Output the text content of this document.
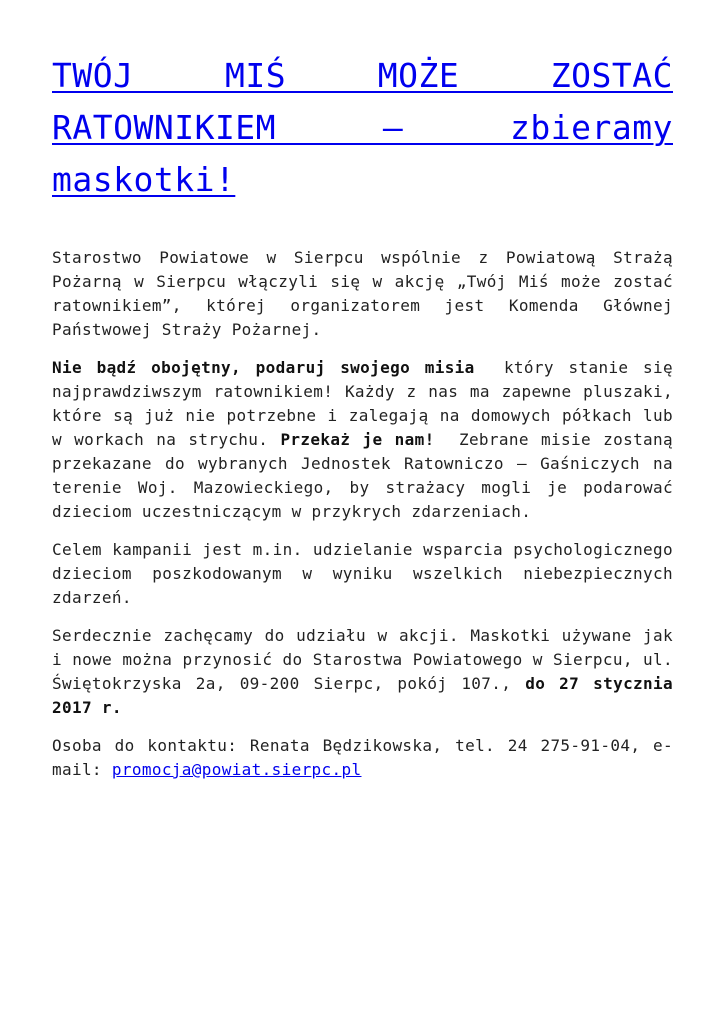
TWÓJ MIŚ MOŻE ZOSTAĆ RATOWNIKIEM – zbieramy maskotki!

Starostwo Powiatowe w Sierpcu wspólnie z Powiatową Strażą Pożarną w Sierpcu włączyli się w akcję „Twój Miś może zostać ratownikiem”, której organizatorem jest Komenda Głównej Państwowej Straży Pożarnej.

Nie bądź obojętny, podaruj swojego misia  który stanie się najprawdziwszym ratownikiem! Każdy z nas ma zapewne pluszaki, które są już nie potrzebne i zalegają na domowych półkach lub w workach na strychu. Przekaż je nam!  Zebrane misie zostaną przekazane do wybranych Jednostek Ratowniczo – Gaśniczych na terenie Woj. Mazowieckiego, by strażacy mogli je podarować dzieciom uczestniczącym w przykrych zdarzeniach.

Celem kampanii jest m.in. udzielanie wsparcia psychologicznego dzieciom poszkodowanym w wyniku wszelkich niebezpiecznych zdarzeń.

Serdecznie zachęcamy do udziału w akcji. Maskotki używane jak i nowe można przynosić do Starostwa Powiatowego w Sierpcu, ul. Świętokrzyska 2a, 09-200 Sierpc, pokój 107., do 27 stycznia 2017 r.

Osoba do kontaktu: Renata Będzikowska, tel. 24 275-91-04, e-mail: promocja@powiat.sierpc.pl
